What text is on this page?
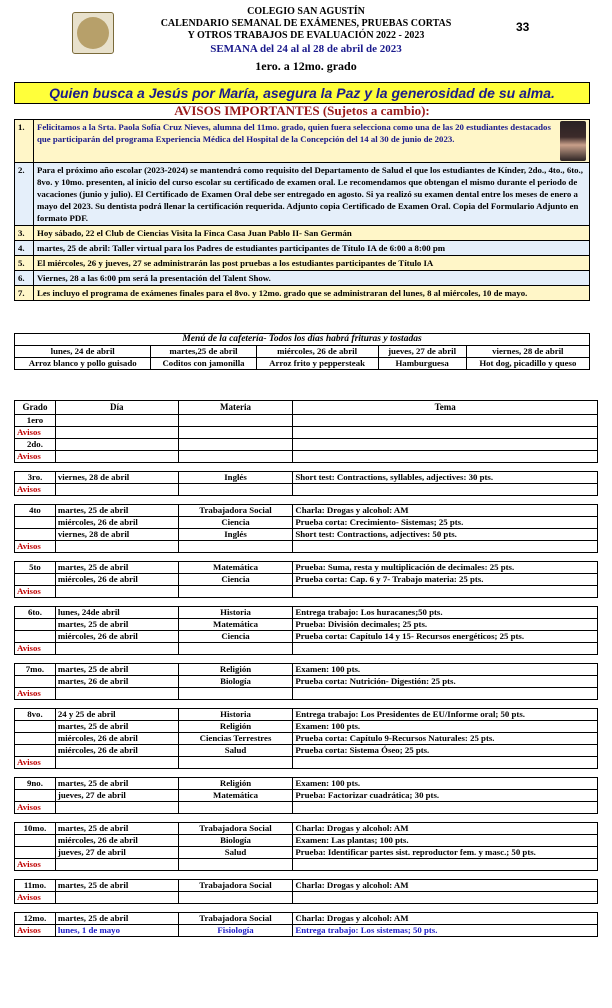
COLEGIO SAN AGUSTÍN
CALENDARIO SEMANAL DE EXÁMENES, PRUEBAS CORTAS
Y OTROS TRABAJOS DE EVALUACIÓN 2022 - 2023
SEMANA del 24 al al 28 de abril de 2023
1ero. a 12mo. grado
33
Quien busca a Jesús por María, asegura la Paz y la generosidad de su alma.
AVISOS IMPORTANTES (Sujetos a cambio):
1.	Felicitamos a la Srta. Paola Sofía Cruz Nieves, alumna del 11mo. grado, quien fuera selecciona como una de las 20 estudiantes destacados que participarán del programa Experiencia Médica del Hospital de la Concepción del 14 al 30 de junio de 2023.
2.	Para el próximo año escolar (2023-2024) se mantendrá como requisito del Departamento de Salud el que los estudiantes de Kínder, 2do., 4to., 6to., 8vo. y 10mo. presenten, al inicio del curso escolar su certificado de examen oral. Le recomendamos que obtengan el mismo durante el periodo de vacaciones (junio y julio). El Certificado de Examen Oral debe ser entregado en agosto. Si ya realizó su examen dental entre los meses de enero a mayo del 2023. Su dentista podrá llenar la certificación requerida. Adjunto copia Certificado de Examen Oral. Copia del Formulario Adjunto en formato PDF.
3.	Hoy sábado, 22 el Club de Ciencias Visita la Finca Casa Juan Pablo II- San Germán
4.	martes, 25 de abril: Taller virtual para los Padres de estudiantes participantes de Título IA de 6:00 a 8:00 pm
5.	El miércoles, 26 y jueves, 27 se administrarán las post pruebas a los estudiantes participantes de Título IA
6.	Viernes, 28 a las 6:00 pm será la presentación del Talent Show.
7.	Les incluyo el programa de exámenes finales para el 8vo. y 12mo. grado que se administraran del lunes, 8 al miércoles, 10 de mayo.
Menú de la cafetería- Todos los días habrá frituras y tostadas				
lunes, 24 de abril	martes,25 de abril	miércoles, 26 de abril	jueves, 27 de abril	viernes, 28 de abril
Arroz blanco y pollo guisado	Coditos con jamonilla	Arroz frito y peppersteak	Hamburguesa	Hot dog, picadillo y queso
Grado	Día	Materia	Tema
1ero			
Avisos			
2do.			
Avisos			

3ro.	viernes, 28 de abril	Inglés	Short test: Contractions, syllables, adjectives: 30 pts.
Avisos			

4to	martes, 25 de abril	Trabajadora Social	Charla: Drogas y alcohol: AM
	miércoles, 26 de abril	Ciencia	Prueba corta: Crecimiento- Sistemas; 25 pts.
	viernes, 28 de abril	Inglés	Short test: Contractions, adjectives: 50 pts.
Avisos			

5to	martes, 25 de abril	Matemática	Prueba: Suma, resta y multiplicación de decimales: 25 pts.
	miércoles, 26 de abril	Ciencia	Prueba corta: Cap. 6 y 7- Trabajo materia: 25 pts.
Avisos			

6to.	lunes, 24de abril	Historia	Entrega trabajo: Los huracanes;50 pts.
	martes, 25 de abril	Matemática	Prueba: División decimales; 25 pts.
	miércoles, 26 de abril	Ciencia	Prueba corta: Capítulo 14 y 15- Recursos energéticos; 25 pts.
Avisos			

7mo.	martes, 25 de abril	Religión	Examen: 100 pts.
	martes, 26 de abril	Biología	Prueba corta: Nutrición- Digestión: 25 pts.
Avisos			

8vo.	24 y 25 de abril	Historia	Entrega trabajo: Los Presidentes de EU/Informe oral; 50 pts.
	martes, 25 de abril	Religión	Examen: 100 pts.
	miércoles, 26 de abril	Ciencias Terrestres	Prueba corta: Capítulo 9-Recursos Naturales: 25 pts.
	miércoles, 26 de abril	Salud	Prueba corta: Sistema Óseo; 25 pts.
Avisos			

9no.	martes, 25 de abril	Religión	Examen: 100 pts.
	jueves, 27 de abril	Matemática	Prueba: Factorizar cuadrática; 30 pts.
Avisos			

10mo.	martes, 25 de abril	Trabajadora Social	Charla: Drogas y alcohol: AM
	miércoles, 26 de abril	Biología	Examen: Las plantas; 100 pts.
	jueves, 27 de abril	Salud	Prueba: Identificar partes sist. reproductor fem. y masc.; 50 pts.
Avisos			

11mo.	martes, 25 de abril	Trabajadora Social	Charla: Drogas y alcohol: AM
Avisos			

12mo.	martes, 25 de abril	Trabajadora Social	Charla: Drogas y alcohol: AM
Avisos	lunes, 1 de mayo	Fisiología	Entrega trabajo: Los sistemas; 50 pts.
